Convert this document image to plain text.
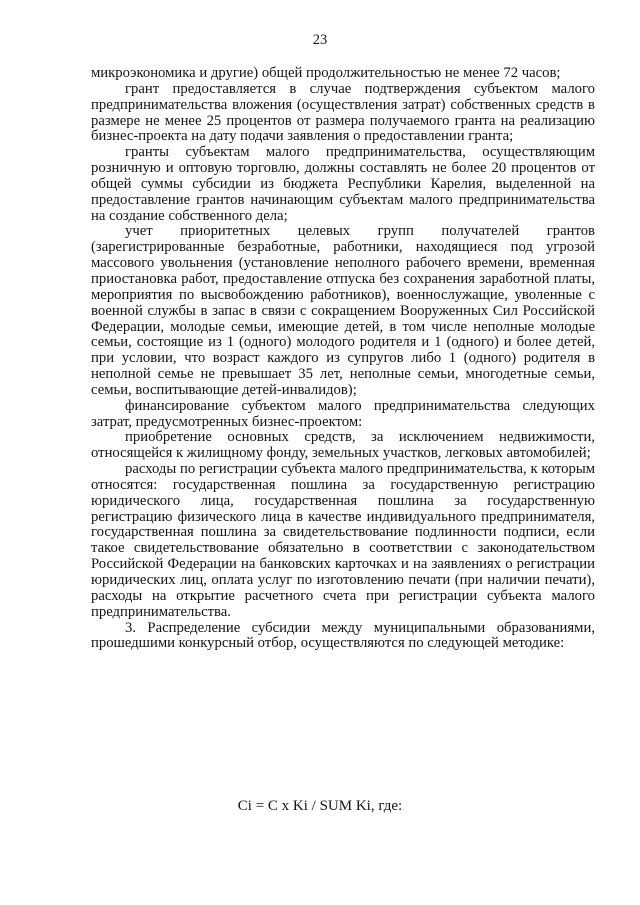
23

микроэкономика и другие) общей продолжительностью не менее 72 часов;

грант предоставляется в случае подтверждения субъектом малого предпринимательства вложения (осуществления затрат) собственных средств в размере не менее 25 процентов от размера получаемого гранта на реализацию бизнес-проекта на дату подачи заявления о предоставлении гранта;

гранты субъектам малого предпринимательства, осуществляющим розничную и оптовую торговлю, должны составлять не более 20 процентов от общей суммы субсидии из бюджета Республики Карелия, выделенной на предоставление грантов начинающим субъектам малого предпринимательства на создание собственного дела;

учет приоритетных целевых групп получателей грантов (зарегистрированные безработные, работники, находящиеся под угрозой массового увольнения (установление неполного рабочего времени, временная приостановка работ, предоставление отпуска без сохранения заработной платы, мероприятия по высвобождению работников), военнослужащие, уволенные с военной службы в запас в связи с сокращением Вооруженных Сил Российской Федерации, молодые семьи, имеющие детей, в том числе неполные молодые семьи, состоящие из 1 (одного) молодого родителя и 1 (одного) и более детей, при условии, что возраст каждого из супругов либо 1 (одного) родителя в неполной семье не превышает 35 лет, неполные семьи, многодетные семьи, семьи, воспитывающие детей-инвалидов);

финансирование субъектом малого предпринимательства следующих затрат, предусмотренных бизнес-проектом:

приобретение основных средств, за исключением недвижимости, относящейся к жилищному фонду, земельных участков, легковых автомобилей;

расходы по регистрации субъекта малого предпринимательства, к которым относятся: государственная пошлина за государственную регистрацию юридического лица, государственная пошлина за государственную регистрацию физического лица в качестве индивидуального предпринимателя, государственная пошлина за свидетельствование подлинности подписи, если такое свидетельствование обязательно в соответствии с законодательством Российской Федерации на банковских карточках и на заявлениях о регистрации юридических лиц, оплата услуг по изготовлению печати (при наличии печати), расходы на открытие расчетного счета при регистрации субъекта малого предпринимательства.

3. Распределение субсидии между муниципальными образованиями, прошедшими конкурсный отбор, осуществляются по следующей методике:

Ci = C x Ki / SUM Ki, где:
